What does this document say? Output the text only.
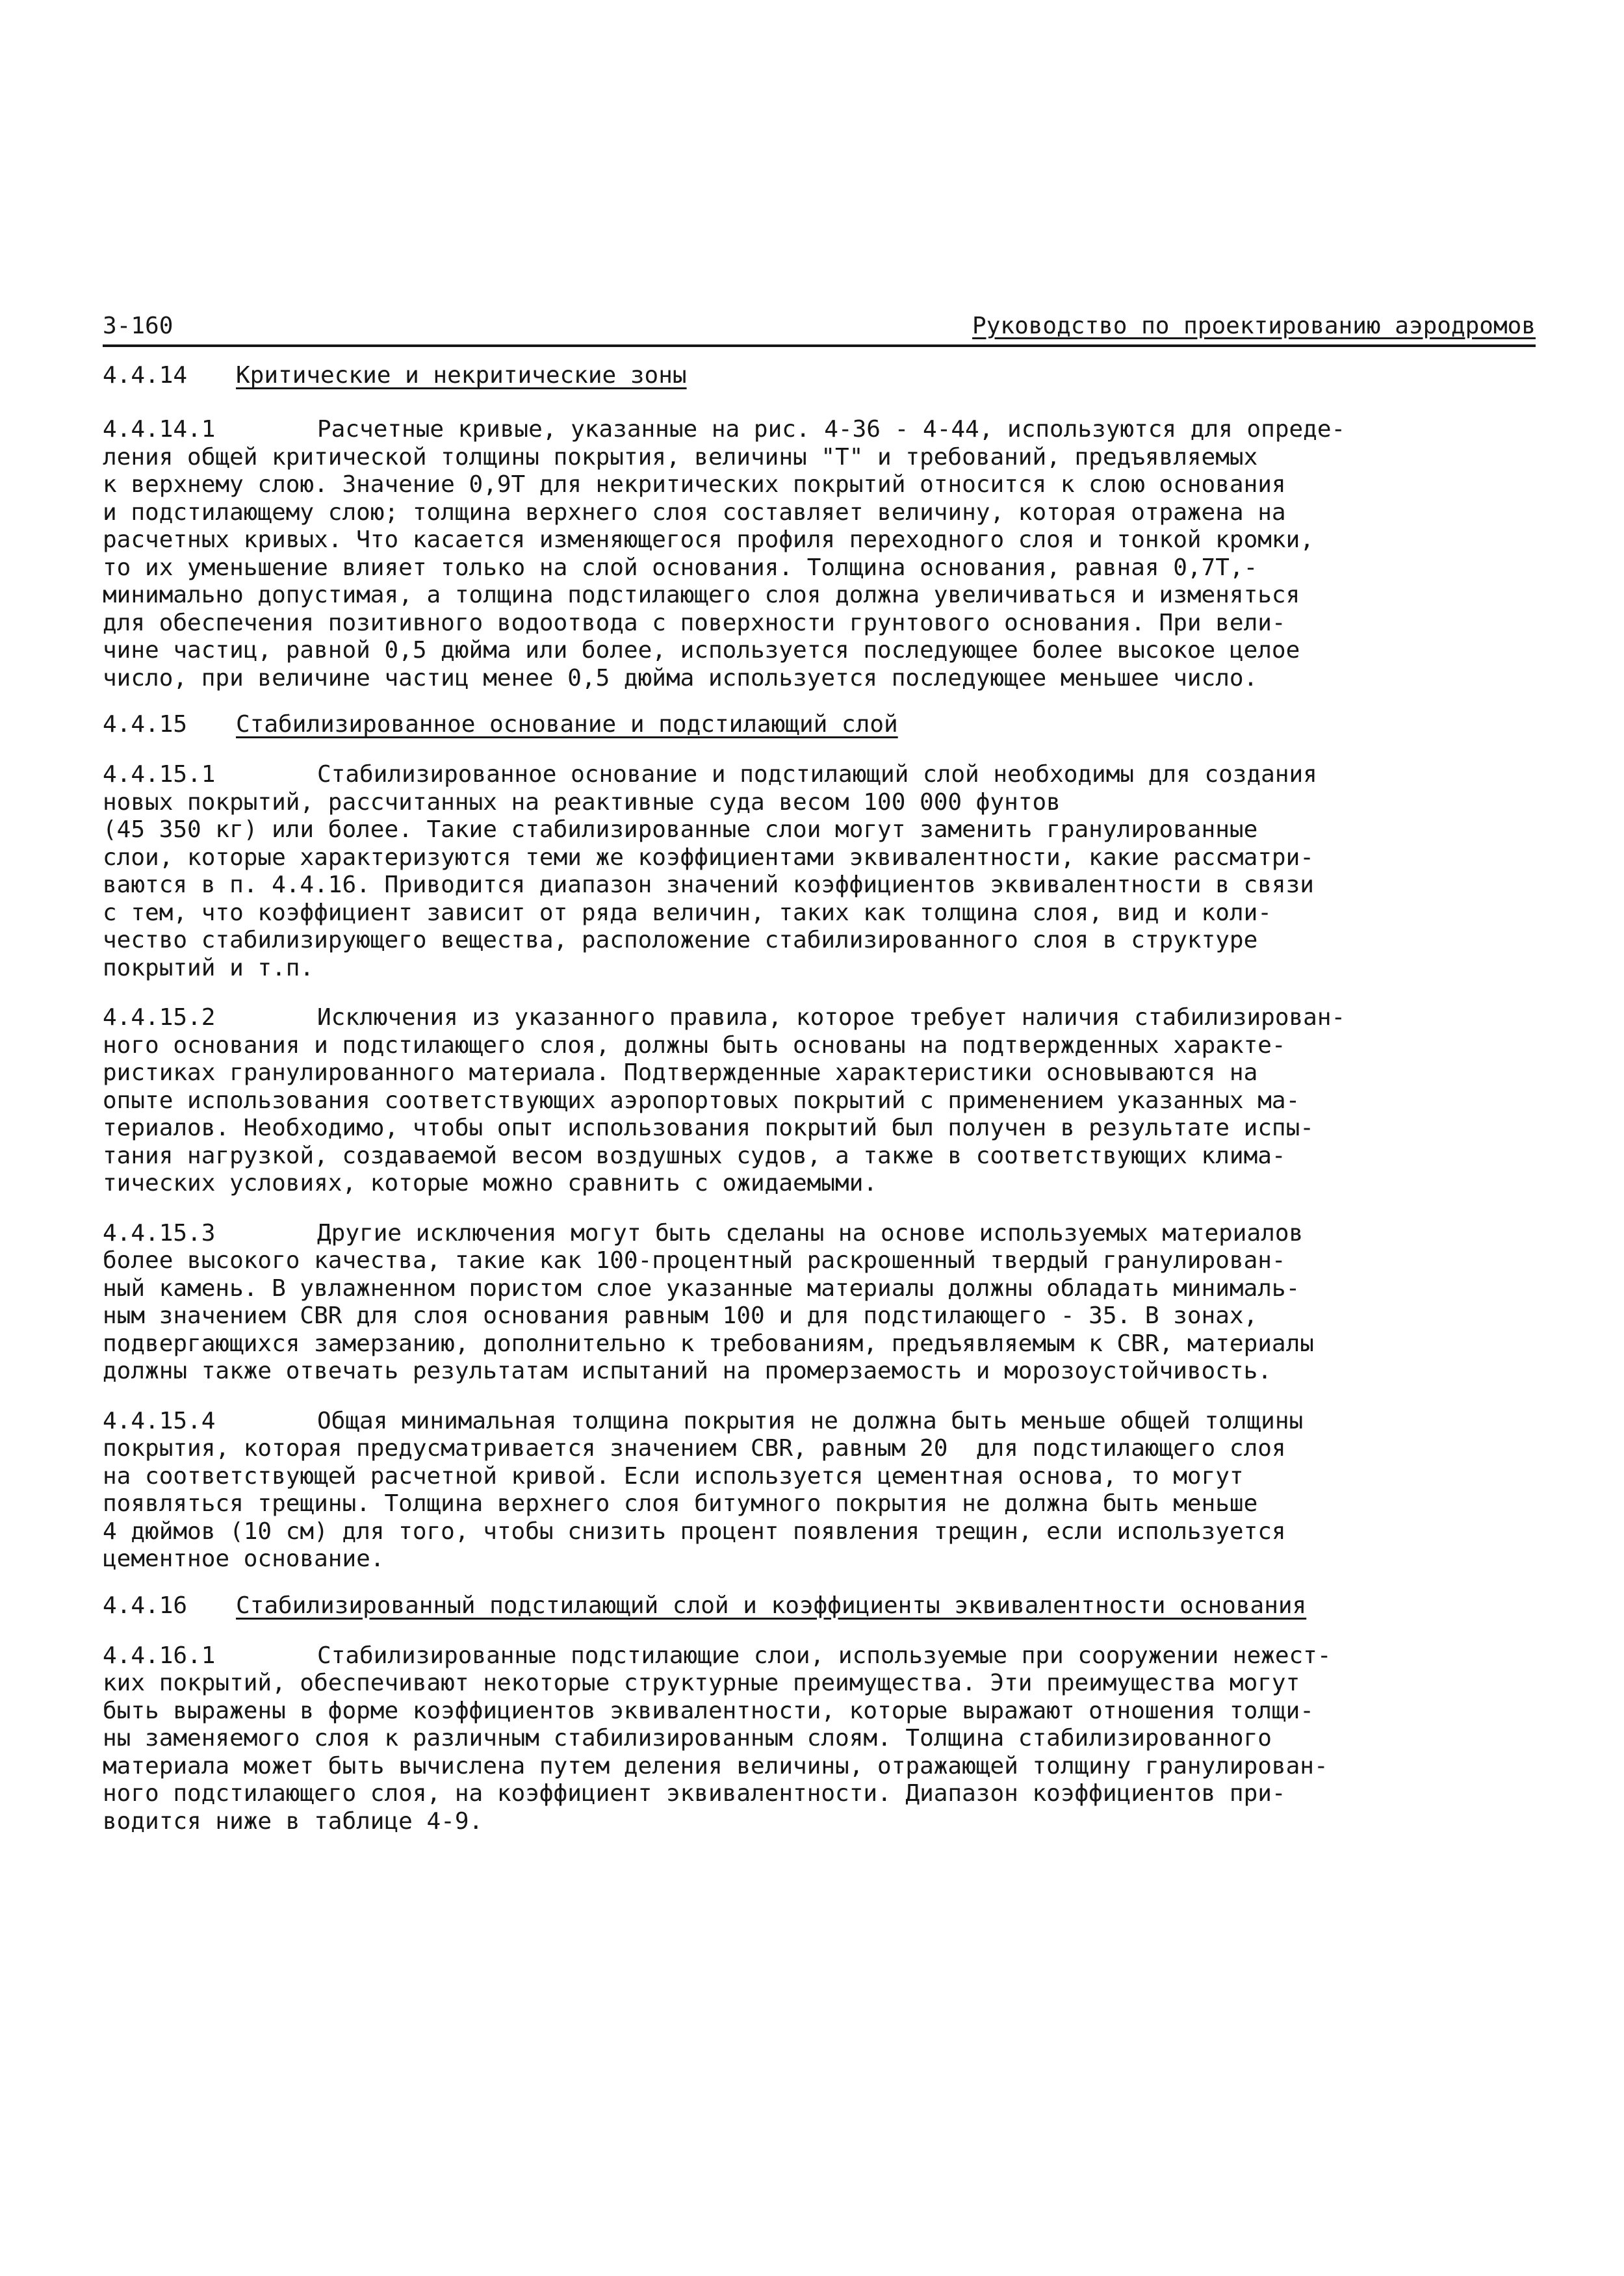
3-160	Руководство по проектированию аэродромов
4.4.14 Критические и некритические зоны
4.4.14.1	Расчетные кривые, указанные на рис. 4-36 - 4-44, используются для опреде-
ления общей критической толщины покрытия, величины "T" и требований, предъявляемых
к верхнему слою. Значение 0,9T для некритических покрытий относится к слою основания
и подстилающему слою; толщина верхнего слоя составляет величину, которая отражена на
расчетных кривых. Что касается изменяющегося профиля переходного слоя и тонкой кромки,
то их уменьшение влияет только на слой основания. Толщина основания, равная 0,7T,-
минимально допустимая, а толщина подстилающего слоя должна увеличиваться и изменяться
для обеспечения позитивного водоотвода с поверхности грунтового основания. При вели-
чине частиц, равной 0,5 дюйма или более, используется последующее более высокое целое
число, при величине частиц менее 0,5 дюйма используется последующее меньшее число.
4.4.15 Стабилизированное основание и подстилающий слой
4.4.15.1	Стабилизированное основание и подстилающий слой необходимы для создания
новых покрытий, рассчитанных на реактивные суда весом 100 000 фунтов
(45 350 кг) или более. Такие стабилизированные слои могут заменить гранулированные
слои, которые характеризуются теми же коэффициентами эквивалентности, какие рассматри-
ваются в п. 4.4.16. Приводится диапазон значений коэффициентов эквивалентности в связи
с тем, что коэффициент зависит от ряда величин, таких как толщина слоя, вид и коли-
чество стабилизирующего вещества, расположение стабилизированного слоя в структуре
покрытий и т.п.
4.4.15.2	Исключения из указанного правила, которое требует наличия стабилизирован-
ного основания и подстилающего слоя, должны быть основаны на подтвержденных характе-
ристиках гранулированного материала. Подтвержденные характеристики основываются на
опыте использования соответствующих аэропортовых покрытий с применением указанных ма-
териалов. Необходимо, чтобы опыт использования покрытий был получен в результате испы-
тания нагрузкой, создаваемой весом воздушных судов, а также в соответствующих клима-
тических условиях, которые можно сравнить с ожидаемыми.
4.4.15.3	Другие исключения могут быть сделаны на основе используемых материалов
более высокого качества, такие как 100-процентный раскрошенный твердый гранулирован-
ный камень. В увлажненном пористом слое указанные материалы должны обладать минималь-
ным значением CBR для слоя основания равным 100 и для подстилающего - 35. В зонах,
подвергающихся замерзанию, дополнительно к требованиям, предъявляемым к CBR, материалы
должны также отвечать результатам испытаний на промерзаемость и морозоустойчивость.
4.4.15.4	Общая минимальная толщина покрытия не должна быть меньше общей толщины
покрытия, которая предусматривается значением CBR, равным 20  для подстилающего слоя
на соответствующей расчетной кривой. Если используется цементная основа, то могут
появляться трещины. Толщина верхнего слоя битумного покрытия не должна быть меньше
4 дюймов (10 см) для того, чтобы снизить процент появления трещин, если используется
цементное основание.
4.4.16 Стабилизированный подстилающий слой и коэффициенты эквивалентности основания
4.4.16.1	Стабилизированные подстилающие слои, используемые при сооружении нежест-
ких покрытий, обеспечивают некоторые структурные преимущества. Эти преимущества могут
быть выражены в форме коэффициентов эквивалентности, которые выражают отношения толщи-
ны заменяемого слоя к различным стабилизированным слоям. Толщина стабилизированного
материала может быть вычислена путем деления величины, отражающей толщину гранулирован-
ного подстилающего слоя, на коэффициент эквивалентности. Диапазон коэффициентов при-
водится ниже в таблице 4-9.
